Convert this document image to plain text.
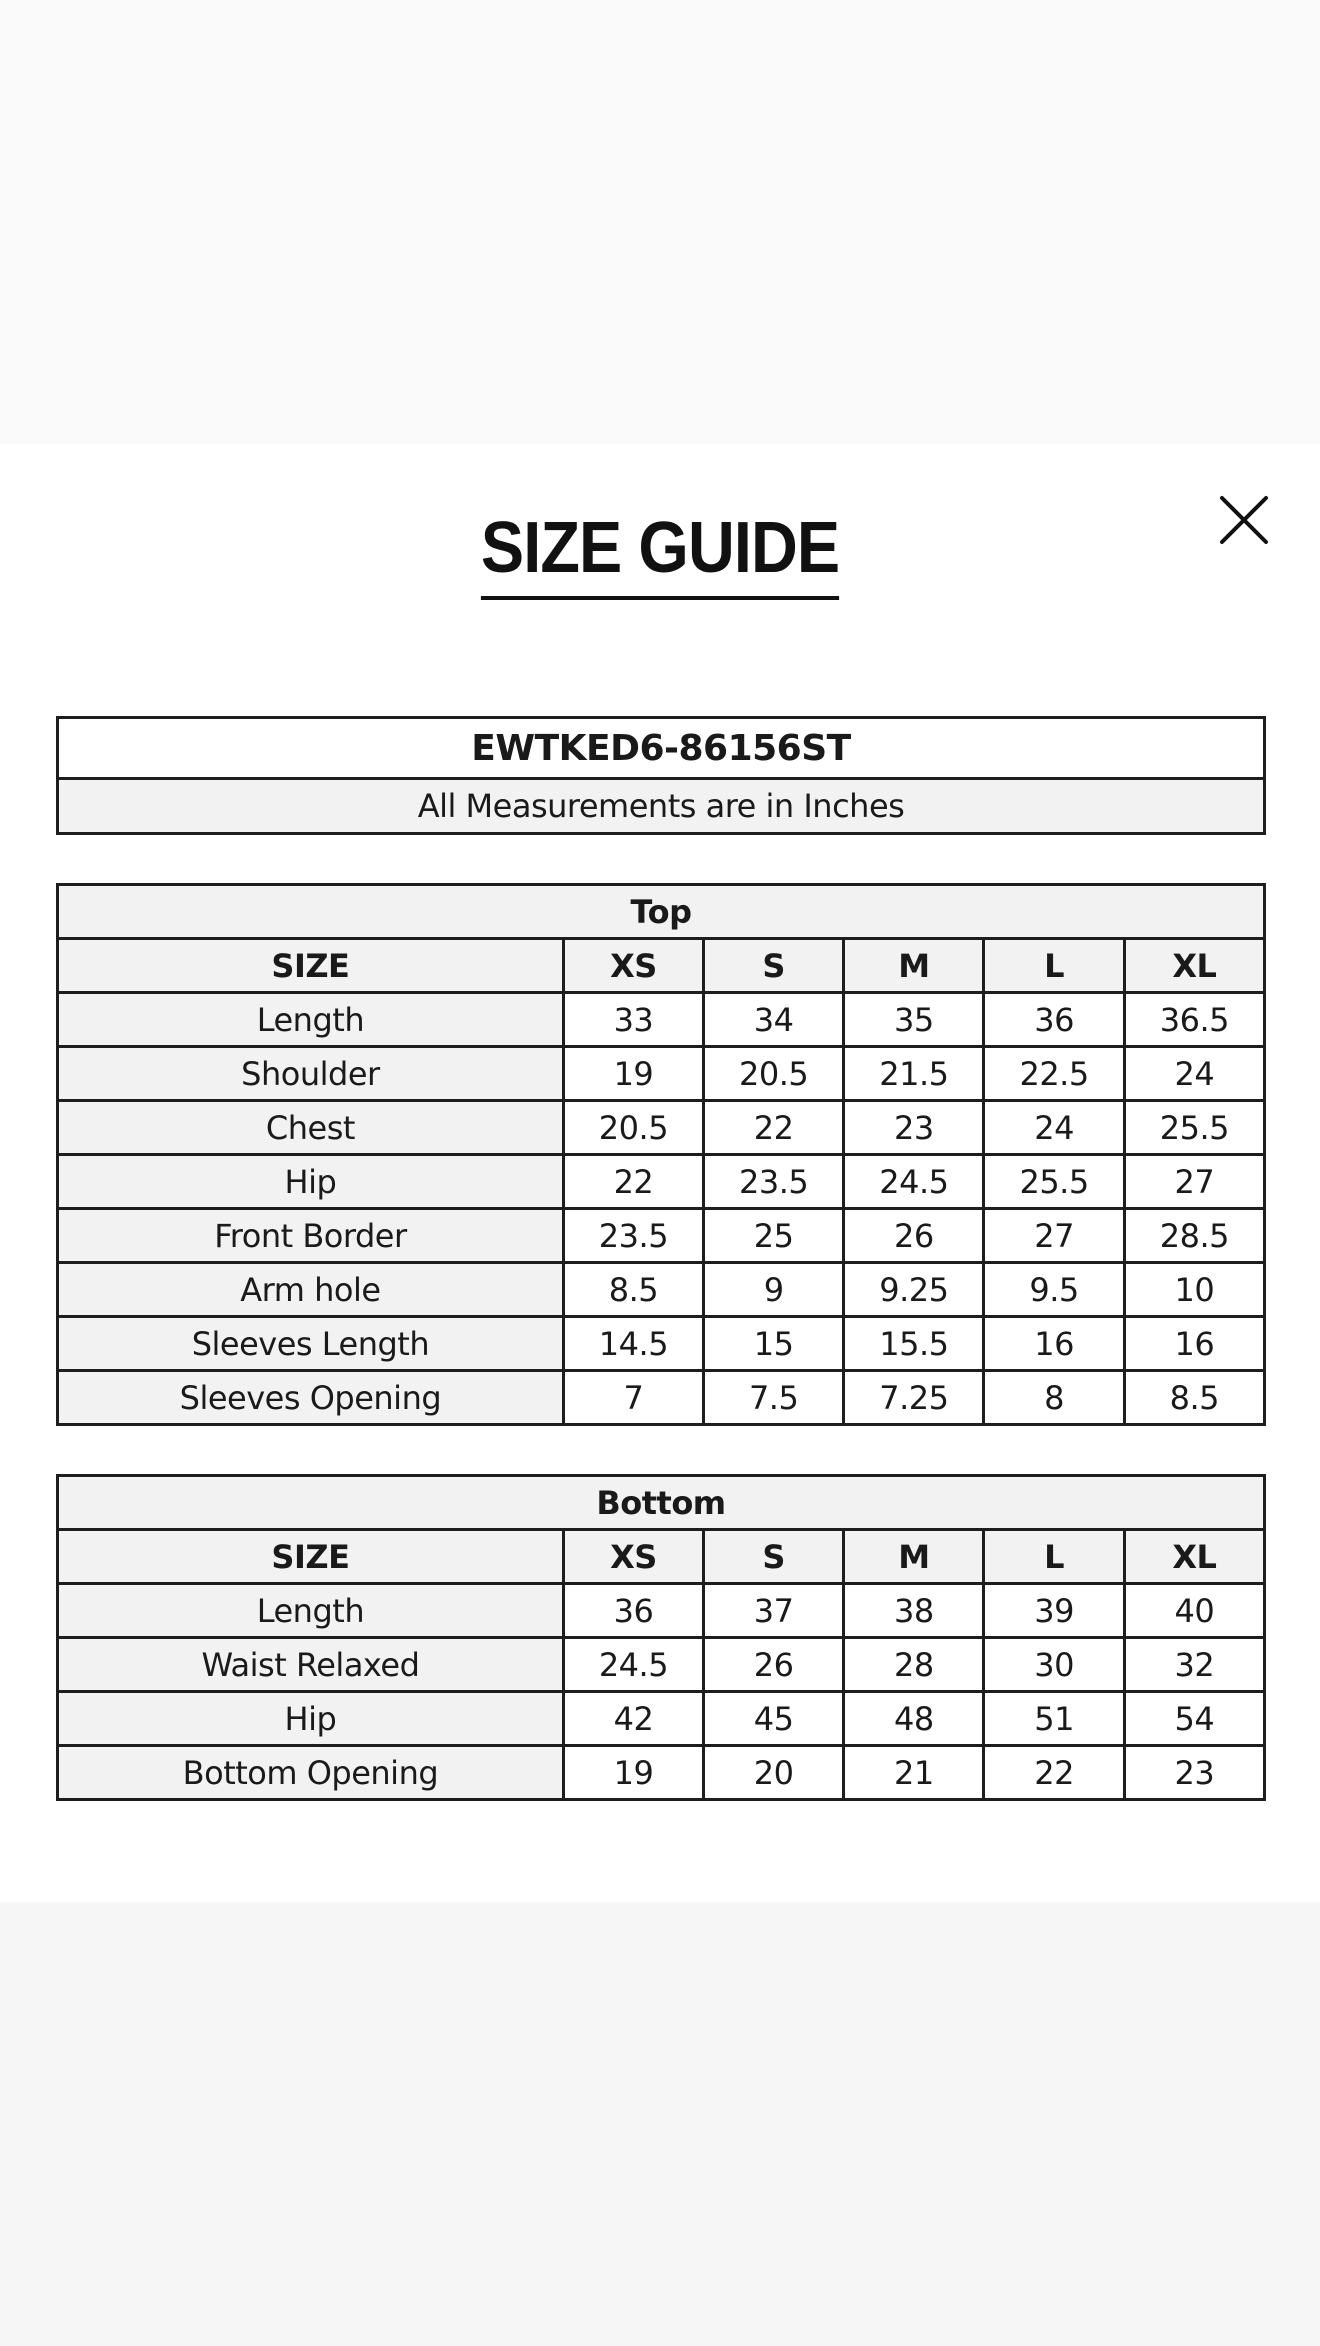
SIZE GUIDE
EWTKED6-86156ST
All Measurements are in Inches
Top					
SIZE	XS	S	M	L	XL
Length	33	34	35	36	36.5
Shoulder	19	20.5	21.5	22.5	24
Chest	20.5	22	23	24	25.5
Hip	22	23.5	24.5	25.5	27
Front Border	23.5	25	26	27	28.5
Arm hole	8.5	9	9.25	9.5	10
Sleeves Length	14.5	15	15.5	16	16
Sleeves Opening	7	7.5	7.25	8	8.5
Bottom					
SIZE	XS	S	M	L	XL
Length	36	37	38	39	40
Waist Relaxed	24.5	26	28	30	32
Hip	42	45	48	51	54
Bottom Opening	19	20	21	22	23
